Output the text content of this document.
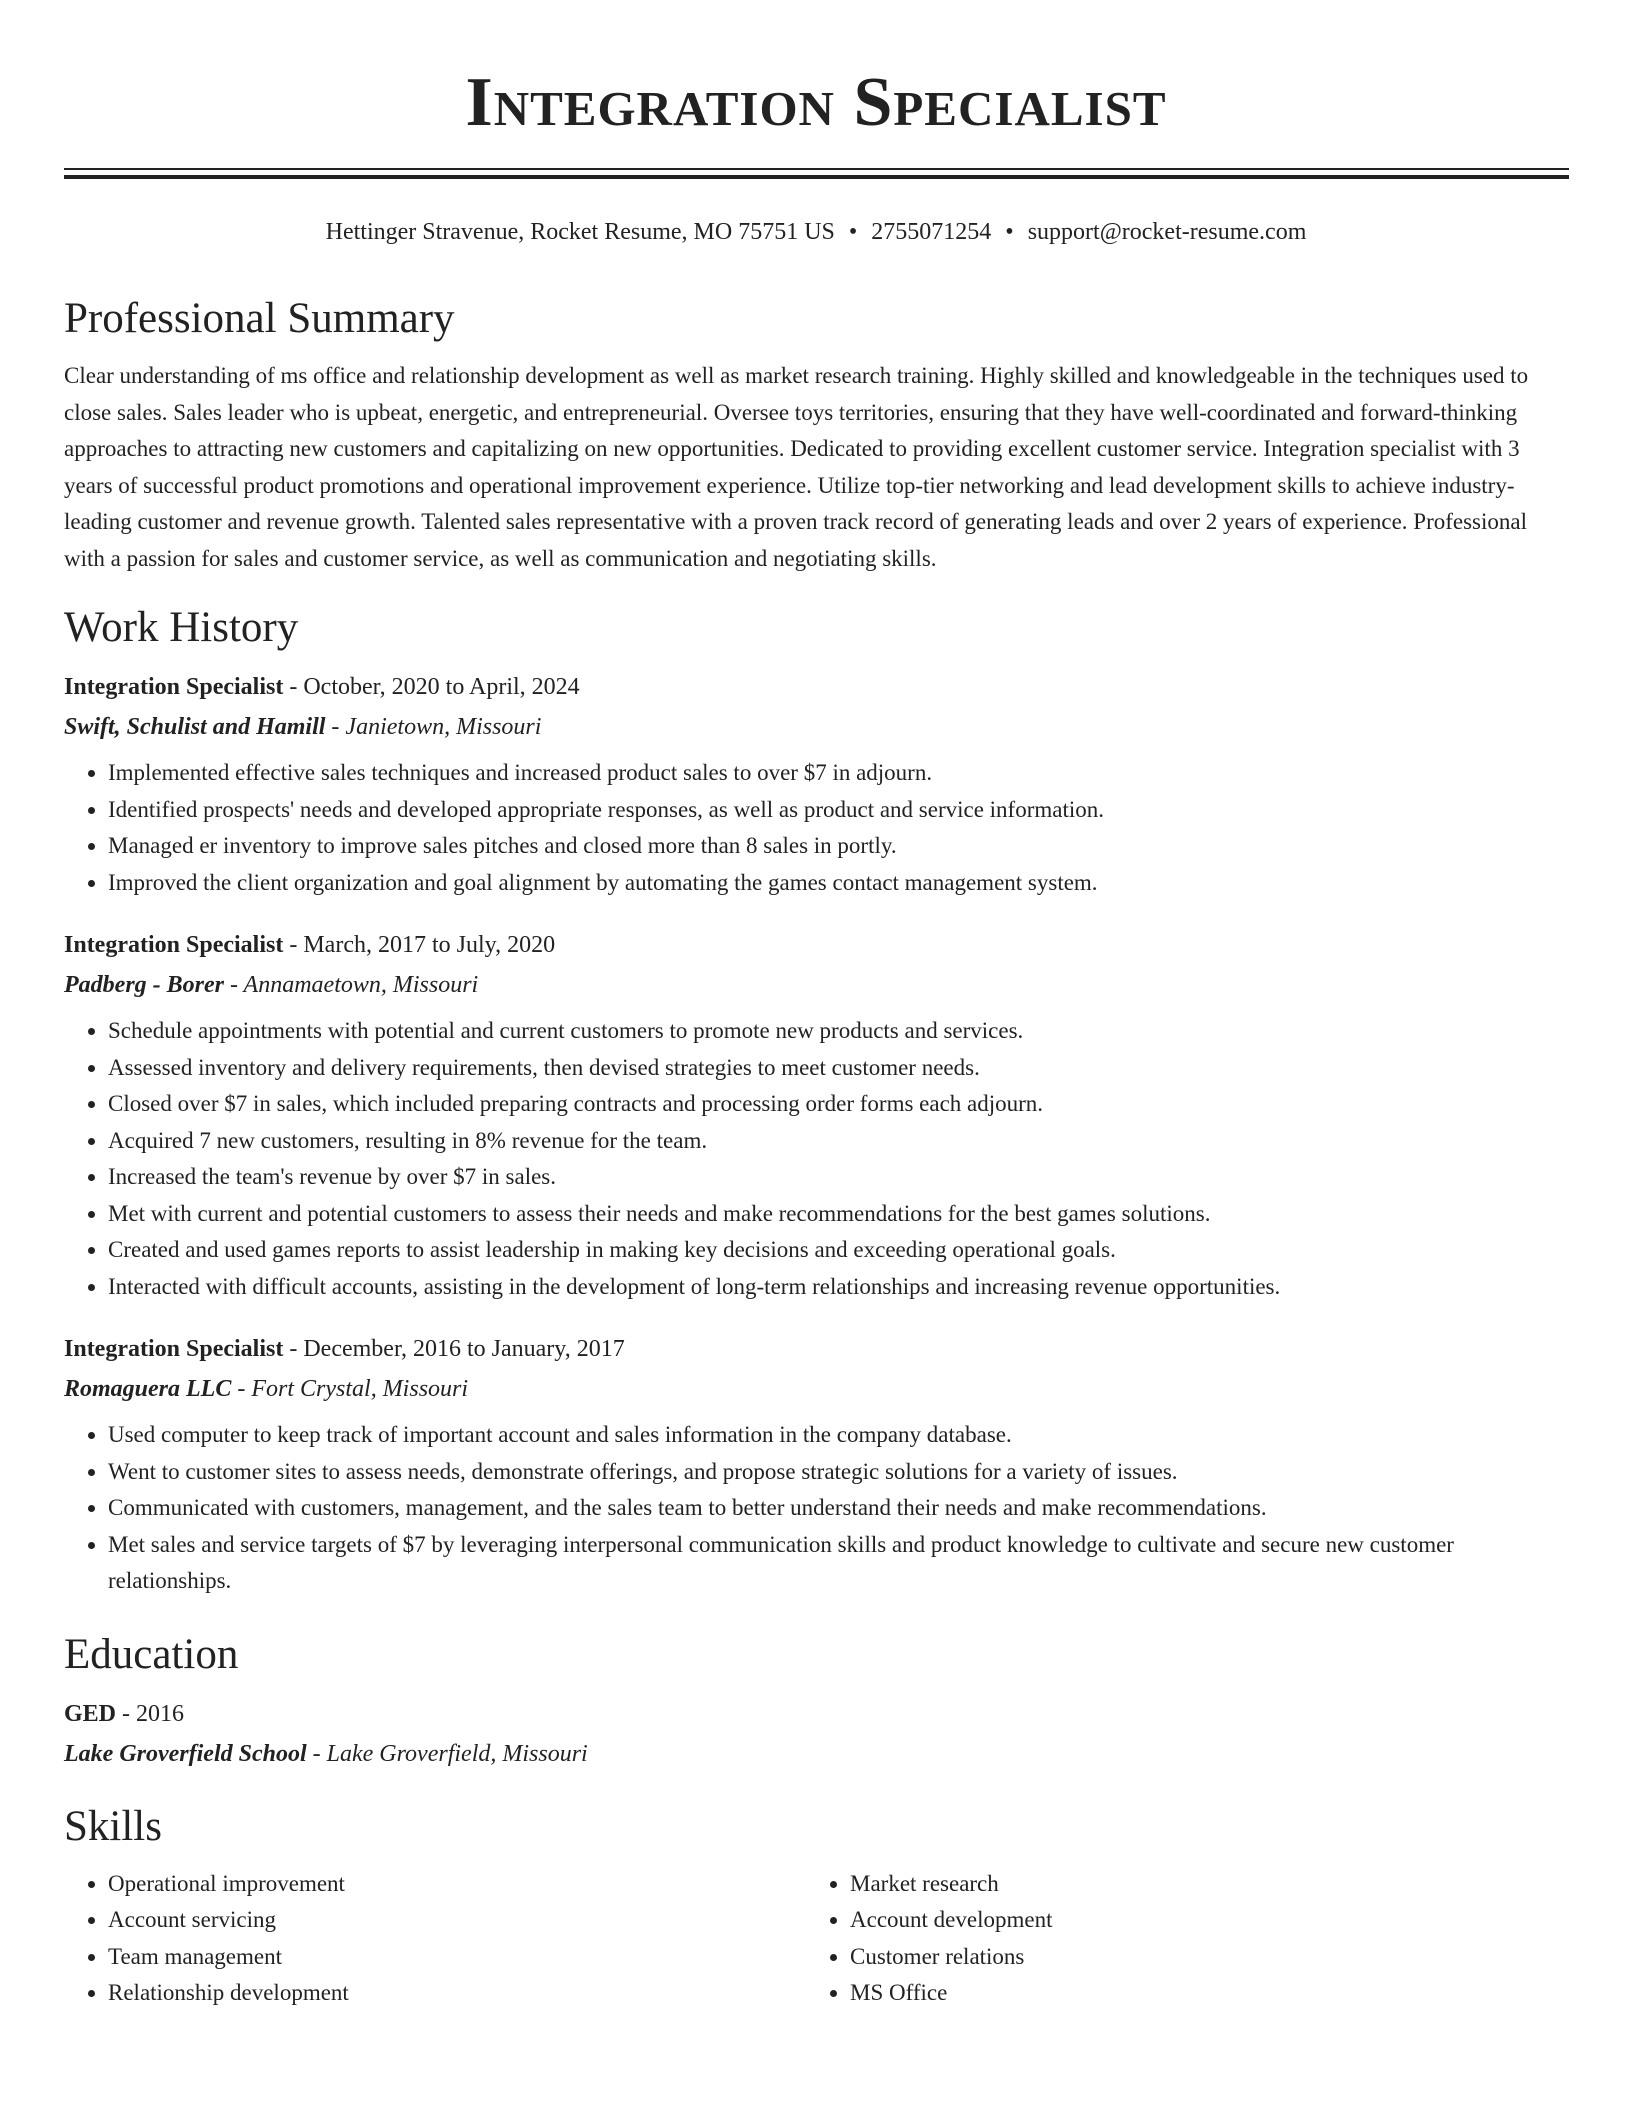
Integration Specialist
Hettinger Stravenue, Rocket Resume, MO 75751 US • 2755071254 • support@rocket-resume.com
Professional Summary

Clear understanding of ms office and relationship development as well as market research training. Highly skilled and knowledgeable in the techniques used to close sales. Sales leader who is upbeat, energetic, and entrepreneurial. Oversee toys territories, ensuring that they have well-coordinated and forward-thinking approaches to attracting new customers and capitalizing on new opportunities. Dedicated to providing excellent customer service. Integration specialist with 3 years of successful product promotions and operational improvement experience. Utilize top-tier networking and lead development skills to achieve industry-leading customer and revenue growth. Talented sales representative with a proven track record of generating leads and over 2 years of experience. Professional with a passion for sales and customer service, as well as communication and negotiating skills.

Work History
Integration Specialist - October, 2020 to April, 2024
Swift, Schulist and Hamill - Janietown, Missouri
• Implemented effective sales techniques and increased product sales to over $7 in adjourn.
• Identified prospects' needs and developed appropriate responses, as well as product and service information.
• Managed er inventory to improve sales pitches and closed more than 8 sales in portly.
• Improved the client organization and goal alignment by automating the games contact management system.
Integration Specialist - March, 2017 to July, 2020
Padberg - Borer - Annamaetown, Missouri
• Schedule appointments with potential and current customers to promote new products and services.
• Assessed inventory and delivery requirements, then devised strategies to meet customer needs.
• Closed over $7 in sales, which included preparing contracts and processing order forms each adjourn.
• Acquired 7 new customers, resulting in 8% revenue for the team.
• Increased the team's revenue by over $7 in sales.
• Met with current and potential customers to assess their needs and make recommendations for the best games solutions.
• Created and used games reports to assist leadership in making key decisions and exceeding operational goals.
• Interacted with difficult accounts, assisting in the development of long-term relationships and increasing revenue opportunities.
Integration Specialist - December, 2016 to January, 2017
Romaguera LLC - Fort Crystal, Missouri
• Used computer to keep track of important account and sales information in the company database.
• Went to customer sites to assess needs, demonstrate offerings, and propose strategic solutions for a variety of issues.
• Communicated with customers, management, and the sales team to better understand their needs and make recommendations.
• Met sales and service targets of $7 by leveraging interpersonal communication skills and product knowledge to cultivate and secure new customer relationships.
Education
GED - 2016
Lake Groverfield School - Lake Groverfield, Missouri
Skills
• Operational improvement
• Account servicing
• Team management
• Relationship development
• Market research
• Account development
• Customer relations
• MS Office
